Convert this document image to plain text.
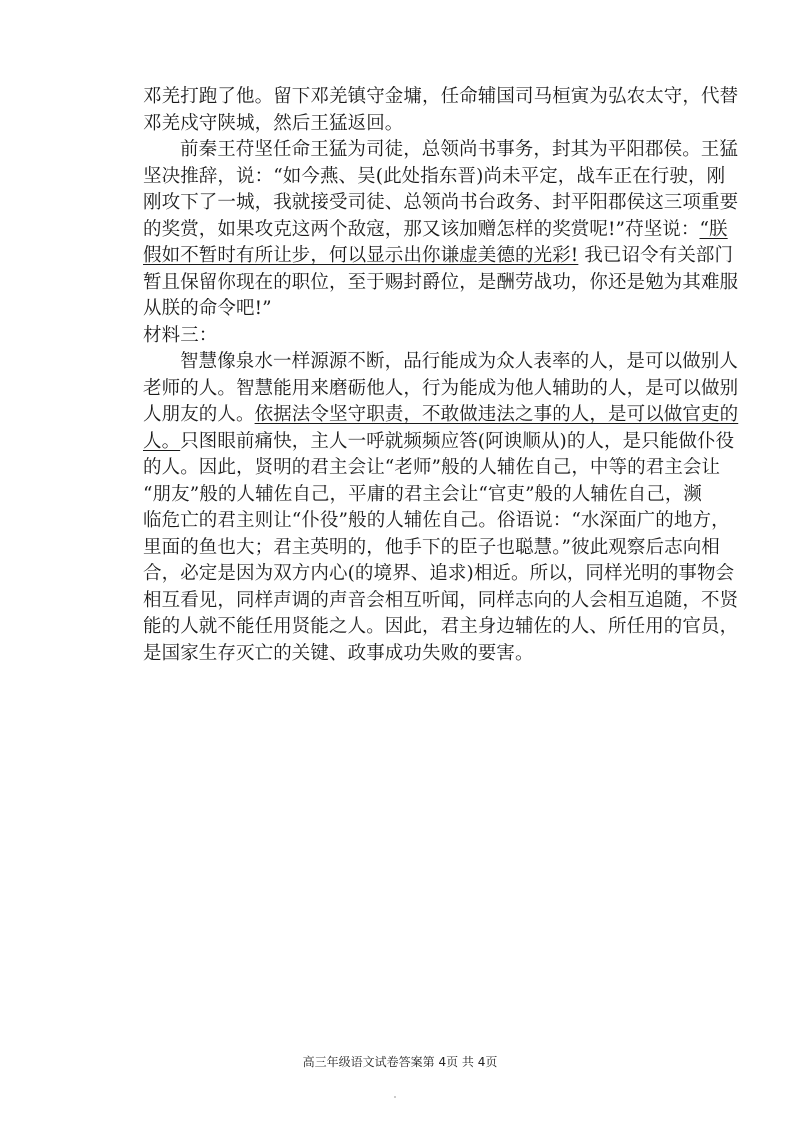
邓羌打跑了他。留下邓羌镇守金墉，任命辅国司马桓寅为弘农太守，代替
邓羌戍守陕城，然后王猛返回。
前秦王苻坚任命王猛为司徒，总领尚书事务，封其为平阳郡侯。王猛
坚决推辞，说：“如今燕、吴(此处指东晋)尚未平定，战车正在行驶，刚
刚攻下了一城，我就接受司徒、总领尚书台政务、封平阳郡侯这三项重要
的奖赏，如果攻克这两个敌寇，那又该加赠怎样的奖赏呢!”苻坚说：“朕
假如不暂时有所让步，何以显示出你谦虚美德的光彩! 我已诏令有关部门
暂且保留你现在的职位，至于赐封爵位，是酬劳战功，你还是勉为其难服
从朕的命令吧!”
材料三：
智慧像泉水一样源源不断，品行能成为众人表率的人，是可以做别人
老师的人。智慧能用来磨砺他人，行为能成为他人辅助的人，是可以做别
人朋友的人。依据法令坚守职责，不敢做违法之事的人，是可以做官吏的
人。只图眼前痛快，主人一呼就频频应答(阿谀顺从)的人，是只能做仆役
的人。因此，贤明的君主会让“老师”般的人辅佐自己，中等的君主会让
“朋友”般的人辅佐自己，平庸的君主会让“官吏”般的人辅佐自己，濒
临危亡的君主则让“仆役”般的人辅佐自己。俗语说：“水深面广的地方，
里面的鱼也大；君主英明的，他手下的臣子也聪慧。”彼此观察后志向相
合，必定是因为双方内心(的境界、追求)相近。所以，同样光明的事物会
相互看见，同样声调的声音会相互听闻，同样志向的人会相互追随，不贤
能的人就不能任用贤能之人。因此，君主身边辅佐的人、所任用的官员，
是国家生存灭亡的关键、政事成功失败的要害。
高三年级语文试卷答案第 4页 共 4页
